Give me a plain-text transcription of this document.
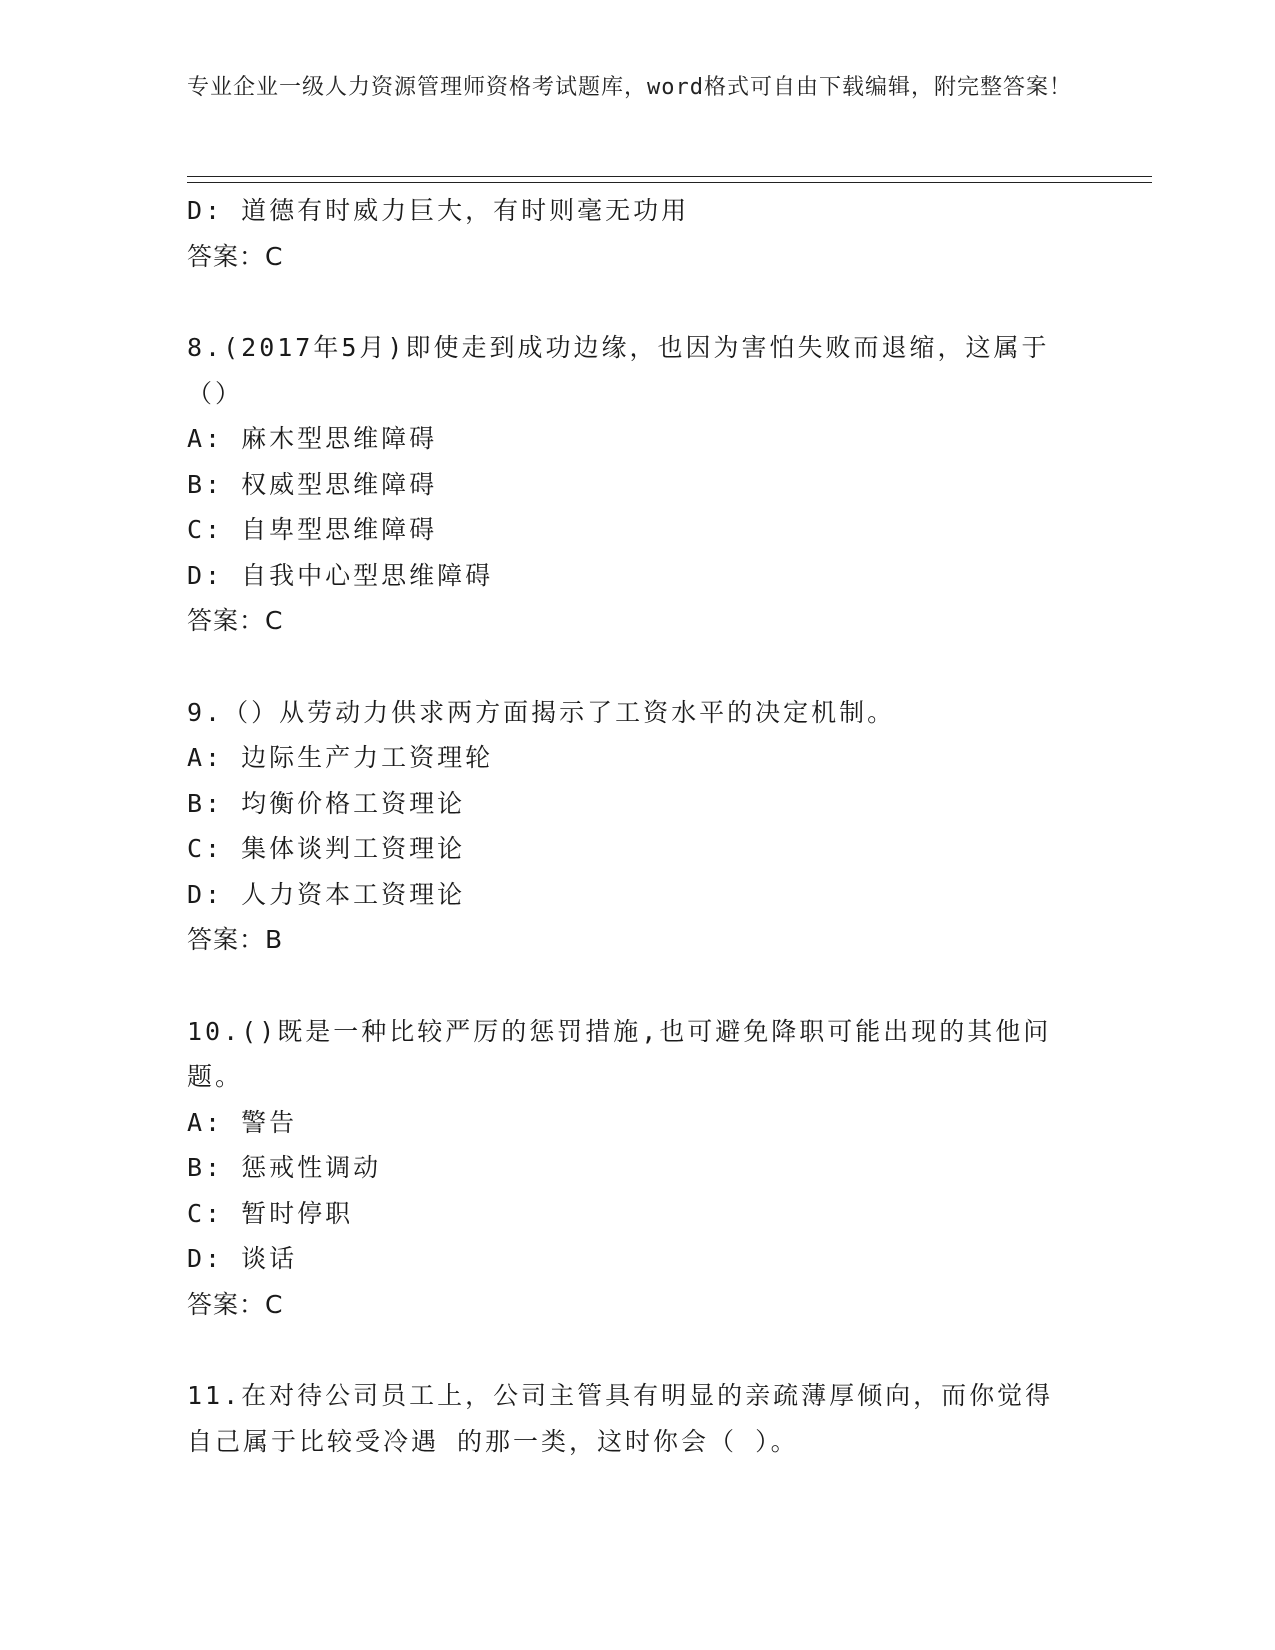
专业企业一级人力资源管理师资格考试题库，word格式可自由下载编辑，附完整答案！
D: 道德有时威力巨大，有时则毫无功用
答案：C
8.(2017年5月)即使走到成功边缘，也因为害怕失败而退缩，这属于
（）
A: 麻木型思维障碍
B: 权威型思维障碍
C: 自卑型思维障碍
D: 自我中心型思维障碍
答案：C
9.（）从劳动力供求两方面揭示了工资水平的决定机制。
A: 边际生产力工资理轮
B: 均衡价格工资理论
C: 集体谈判工资理论
D: 人力资本工资理论
答案：B
10.()既是一种比较严厉的惩罚措施,也可避免降职可能出现的其他问
题。
A: 警告
B: 惩戒性调动
C: 暂时停职
D: 谈话
答案：C
11.在对待公司员工上，公司主管具有明显的亲疏薄厚倾向，而你觉得
自己属于比较受冷遇 的那一类，这时你会（ ）。
